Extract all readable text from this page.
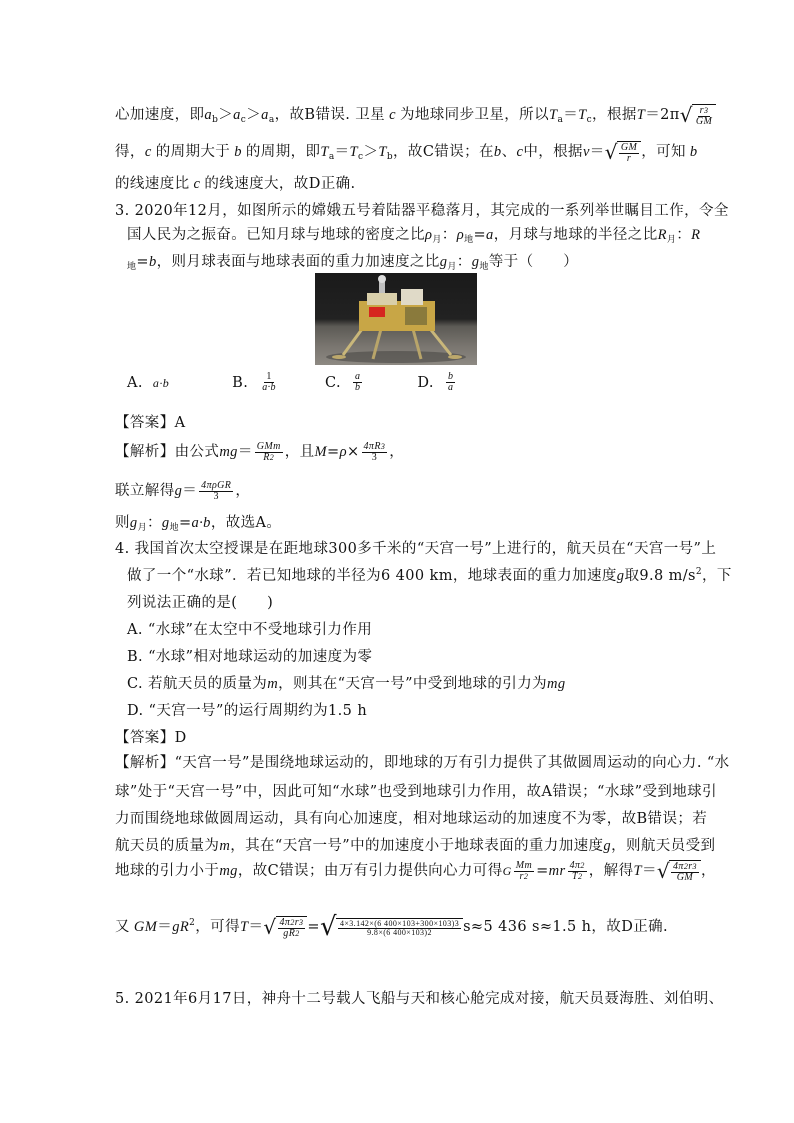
心加速度，即$a_b>a_c>a_a$，故B错误. 卫星 c 为地球同步卫星，所以$T_a=T_c$，根据T＝2π √ $\frac{r3}{GM}$
得，c 的周期大于 b 的周期，即$T_a=T_c>T_b$，故C错误；在b、c中，根据v＝ √ $\frac{GM}{r}$ ，可知 b
的线速度比 c 的线速度大，故D正确.
3. 2020年12月，如图所示的嫦娥五号着陆器平稳落月，其完成的一系列举世瞩目工作，令全
国人民为之振奋。已知月球与地球的密度之比$\rho_月$：$\rho_地=a$，月球与地球的半径之比$R_月$：R
$_地$=b，则月球表面与地球表面的重力加速度之比$g_月$：$g_地$等于（　　）
A. a·b	B. $\frac{1}{a\cdot b}$	C. $\frac{a}{b}$	D. $\frac{b}{a}$
【答案】A
【解析】由公式$mg= \frac{\text{GMm}}{R2}$ ，且$M=\rho\times \frac{4\pi R3}{3}$ ，
联立解得$g= \frac{\text{4πρGR}}{3}$ ，
则$g_月$：$g_地=a\cdot b$，故选A。
4. 我国首次太空授课是在距地球300多千米的“天宫一号”上进行的，航天员在“天宫一号”上
做了一个“水球”．若已知地球的半径为6 400 km，地球表面的重力加速度g取9.8 $m/s^2$，下
列说法正确的是(　　)
A. “水球”在太空中不受地球引力作用
B. “水球”相对地球运动的加速度为零
C. 若航天员的质量为m，则其在“天宫一号”中受到地球的引力为mg
D. “天宫一号”的运行周期约为1.5 h
【答案】D
【解析】“天宫一号”是围绕地球运动的，即地球的万有引力提供了其做圆周运动的向心力. “水
球”处于“天宫一号”中，因此可知“水球”也受到地球引力作用，故A错误；“水球”受到地球引
力而围绕地球做圆周运动，具有向心加速度，相对地球运动的加速度不为零，故B错误；若
航天员的质量为m，其在“天宫一号”中的加速度小于地球表面的重力加速度g，则航天员受到
地球的引力小于mg，故C错误；由万有引力提供向心力可得G $\frac{Mm}{r2} =mr \frac{4\pi 2}{T2}$ ，解得T＝ √ $\frac{4\pi 2r3}{GM}$ ，
又 $GM=gR^2$，可得T＝ √ $\frac{4\pi 2r3}{gR2}$ = √ $\frac{4\times 3.142\times(6 400\times 103+300\times 103)3}{9.8\times(6 400\times 103)2} s\approx 5$ 436 s≈1.5 h，故D正确.
5. 2021年6月17日，神舟十二号载人飞船与天和核心舱完成对接，航天员聂海胜、刘伯明、
